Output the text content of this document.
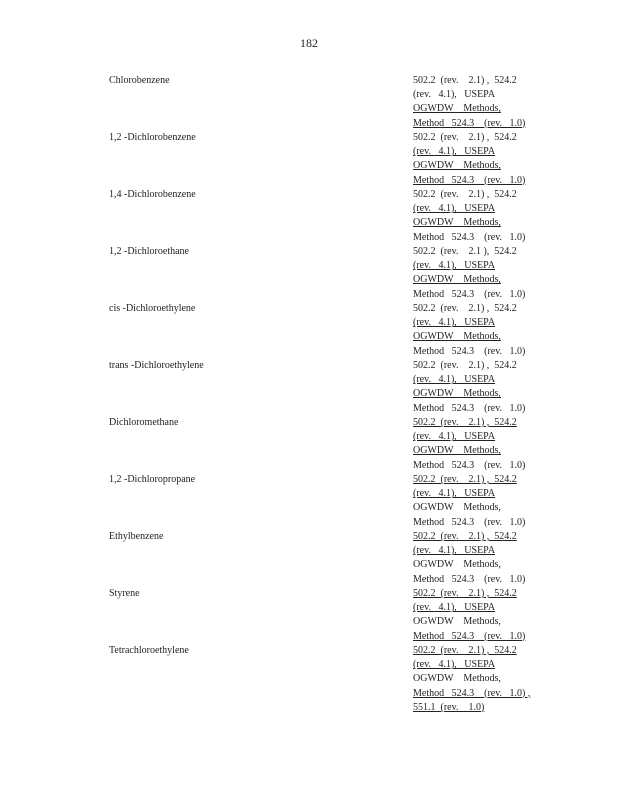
182
Chlorobenzene	502.2  (rev.    2.1) ,  524.2
(rev.   4.1),   USEPA
OGWDW    Methods,
Method   524.3    (rev.   1.0)
1,2 -Dichlorobenzene	502.2  (rev.    2.1) ,  524.2
(rev.   4.1),   USEPA
OGWDW    Methods,
Method   524.3    (rev.   1.0)
1,4 -Dichlorobenzene	502.2  (rev.    2.1) ,  524.2
(rev.   4.1),   USEPA
OGWDW    Methods,
Method   524.3    (rev.   1.0)
1,2 -Dichloroethane	502.2  (rev.    2.1 ),  524.2
(rev.   4.1),   USEPA
OGWDW    Methods,
Method   524.3    (rev.   1.0)
cis -Dichloroethylene	502.2  (rev.    2.1) ,  524.2
(rev.   4.1),   USEPA
OGWDW    Methods,
Method   524.3    (rev.   1.0)
trans -Dichloroethylene	502.2  (rev.    2.1) ,  524.2
(rev.   4.1),   USEPA
OGWDW    Methods,
Method   524.3    (rev.   1.0)
Dichloromethane	502.2  (rev.    2.1) ,  524.2
(rev.   4.1),   USEPA
OGWDW    Methods,
Method   524.3    (rev.   1.0)
1,2 -Dichloropropane	502.2  (rev.    2.1) ,  524.2
(rev.   4.1),   USEPA
OGWDW    Methods,
Method   524.3    (rev.   1.0)
Ethylbenzene	502.2  (rev.    2.1) ,  524.2
(rev.   4.1),   USEPA
OGWDW    Methods,
Method   524.3    (rev.   1.0)
Styrene	502.2  (rev.    2.1) ,  524.2
(rev.   4.1),   USEPA
OGWDW    Methods,
Method   524.3    (rev.   1.0)
Tetrachloroethylene	502.2  (rev.    2.1) ,  524.2
(rev.   4.1),   USEPA
OGWDW    Methods,
Method   524.3    (rev.   1.0) ,
551.1  (rev.    1.0)
